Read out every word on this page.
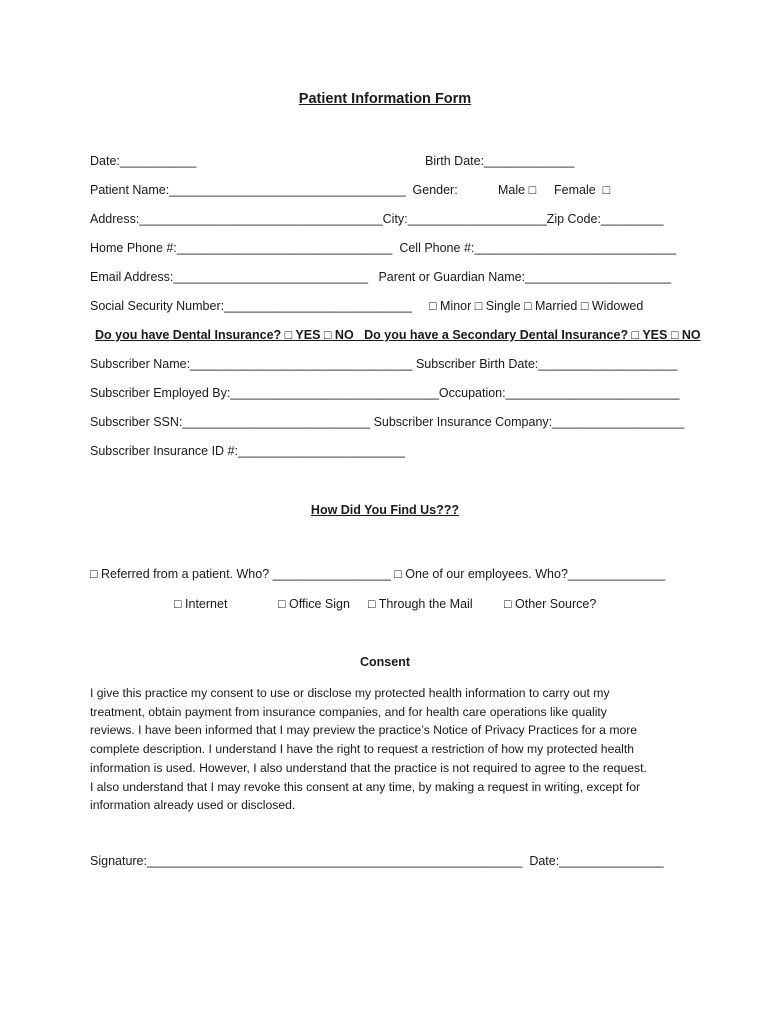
Patient Information Form
Date:___________	Birth Date:_____________
Patient Name:__________________________________  Gender:	Male □ Female  □
Address:___________________________________City:____________________Zip Code:_________
Home Phone #:_______________________________  Cell Phone #:_____________________________
Email Address:____________________________   Parent or Guardian Name:_____________________
Social Security Number:___________________________ □ Minor □ Single □ Married □ Widowed
Do you have Dental Insurance? □ YES □ NO   Do you have a Secondary Dental Insurance? □ YES □ NO
Subscriber Name:________________________________ Subscriber Birth Date:____________________
Subscriber Employed By:______________________________Occupation:_________________________
Subscriber SSN:___________________________ Subscriber Insurance Company:___________________
Subscriber Insurance ID #:________________________
How Did You Find Us???
□ Referred from a patient. Who? _________________ □ One of our employees. Who?______________
□ Internet	□ Office Sign □ Through the Mail	□ Other Source?
Consent
I give this practice my consent to use or disclose my protected health information to carry out my
treatment, obtain payment from insurance companies, and for health care operations like quality
reviews. I have been informed that I may preview the practice’s Notice of Privacy Practices for a more
complete description. I understand I have the right to request a restriction of how my protected health
information is used. However, I also understand that the practice is not required to agree to the request.
I also understand that I may revoke this consent at any time, by making a request in writing, except for
information already used or disclosed.
Signature:______________________________________________________  Date:_______________
